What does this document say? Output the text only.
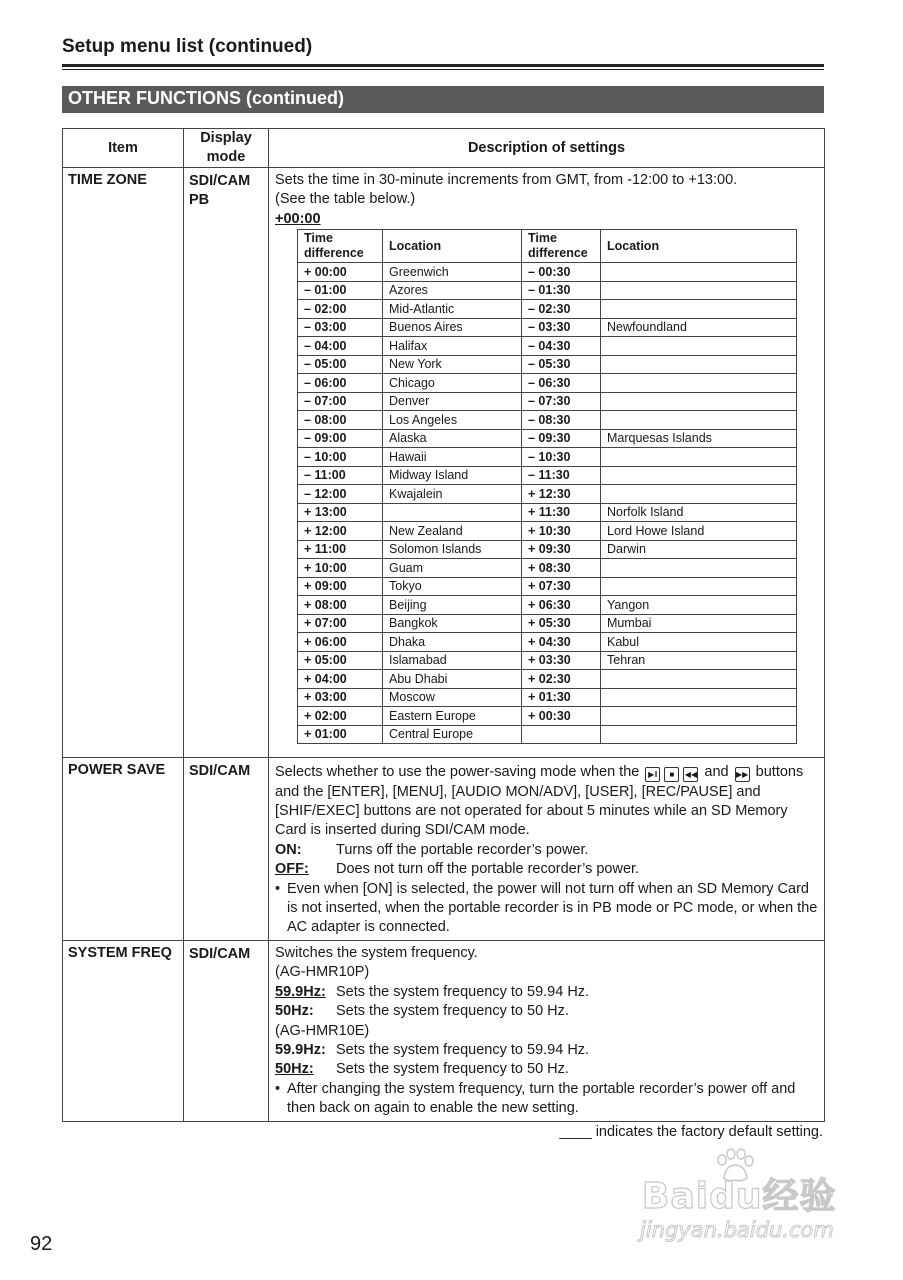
Setup menu list (continued)
OTHER FUNCTIONS (continued)
Item	Display
mode	Description of settings
TIME ZONE	SDI/CAM
PB	
Sets the time in 30-minute increments from GMT, from -12:00 to +13:00.
(See the table below.)
+00:00
Time
difference	Location	Time
difference	Location
+ 00:00	Greenwich	– 00:30	
– 01:00	Azores	– 01:30	
– 02:00	Mid-Atlantic	– 02:30	
– 03:00	Buenos Aires	– 03:30	Newfoundland
– 04:00	Halifax	– 04:30	
– 05:00	New York	– 05:30	
– 06:00	Chicago	– 06:30	
– 07:00	Denver	– 07:30	
– 08:00	Los Angeles	– 08:30	
– 09:00	Alaska	– 09:30	Marquesas Islands
– 10:00	Hawaii	– 10:30	
– 11:00	Midway Island	– 11:30	
– 12:00	Kwajalein	+ 12:30	
+ 13:00		+ 11:30	Norfolk Island
+ 12:00	New Zealand	+ 10:30	Lord Howe Island
+ 11:00	Solomon Islands	+ 09:30	Darwin
+ 10:00	Guam	+ 08:30	
+ 09:00	Tokyo	+ 07:30	
+ 08:00	Beijing	+ 06:30	Yangon
+ 07:00	Bangkok	+ 05:30	Mumbai
+ 06:00	Dhaka	+ 04:30	Kabul
+ 05:00	Islamabad	+ 03:30	Tehran
+ 04:00	Abu Dhabi	+ 02:30	
+ 03:00	Moscow	+ 01:30	
+ 02:00	Eastern Europe	+ 00:30	
+ 01:00	Central Europe		

POWER SAVE	SDI/CAM	Selects whether to use the power-saving mode when the ▶‖ ■ ◀◀ and ▶▶ buttons and the [ENTER], [MENU], [AUDIO MON/ADV], [USER], [REC/PAUSE] and [SHIF/EXEC] buttons are not operated for about 5 minutes while an SD Memory Card is inserted during SDI/CAM mode.
ON:	Turns off the portable recorder’s power.
OFF:	Does not turn off the portable recorder’s power.
• Even when [ON] is selected, the power will not turn off when an SD Memory Card is not inserted, when the portable recorder is in PB mode or PC mode, or when the AC adapter is connected.

SYSTEM FREQ	SDI/CAM	Switches the system frequency.
(AG-HMR10P)
59.9Hz: Sets the system frequency to 59.94 Hz.
50Hz:	Sets the system frequency to 50 Hz.
(AG-HMR10E)
59.9Hz: Sets the system frequency to 59.94 Hz.
50Hz:	Sets the system frequency to 50 Hz.
• After changing the system frequency, turn the portable recorder’s power off and then back on again to enable the new setting.
____ indicates the factory default setting.
92
Baidu经验
jingyan.baidu.com
